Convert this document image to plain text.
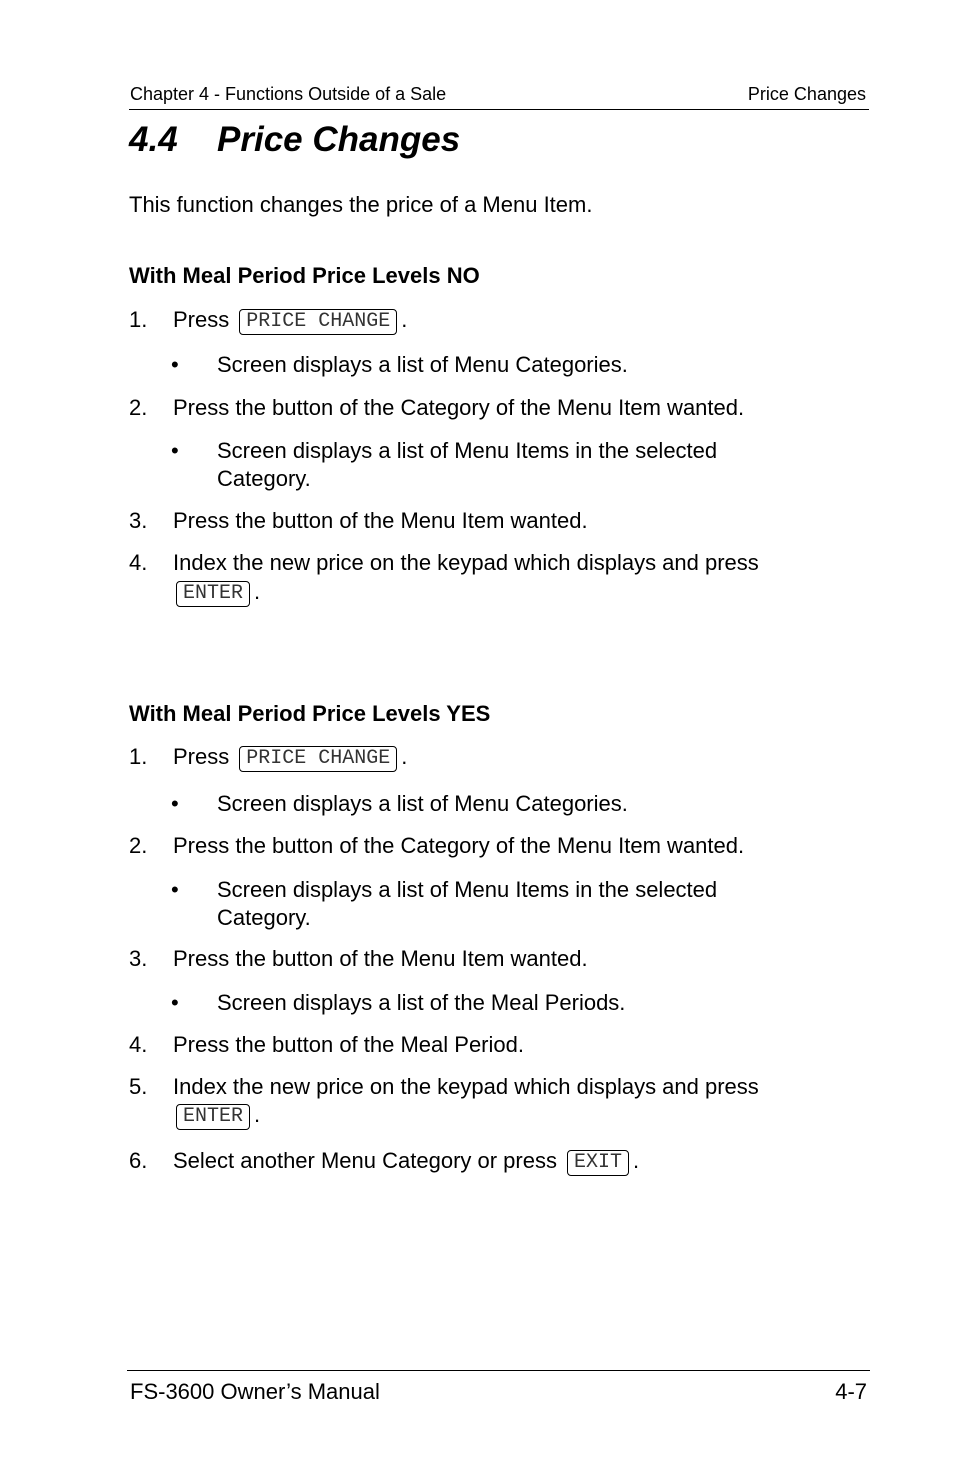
Chapter 4 - Functions Outside of a Sale	Price Changes
4.4 Price Changes
This function changes the price of a Menu Item.
With Meal Period Price Levels NO
1. Press PRICE CHANGE .
• Screen displays a list of Menu Categories.
2. Press the button of the Category of the Menu Item wanted.
• Screen displays a list of Menu Items in the selected Category.
3. Press the button of the Menu Item wanted.
4. Index the new price on the keypad which displays and press
ENTER .
With Meal Period Price Levels YES
1. Press PRICE CHANGE .
• Screen displays a list of Menu Categories.
2. Press the button of the Category of the Menu Item wanted.
• Screen displays a list of Menu Items in the selected Category.
3. Press the button of the Menu Item wanted.
• Screen displays a list of the Meal Periods.
4. Press the button of the Meal Period.
5. Index the new price on the keypad which displays and press
ENTER .
6. Select another Menu Category or press EXIT .
FS-3600 Owner’s Manual	4-7
